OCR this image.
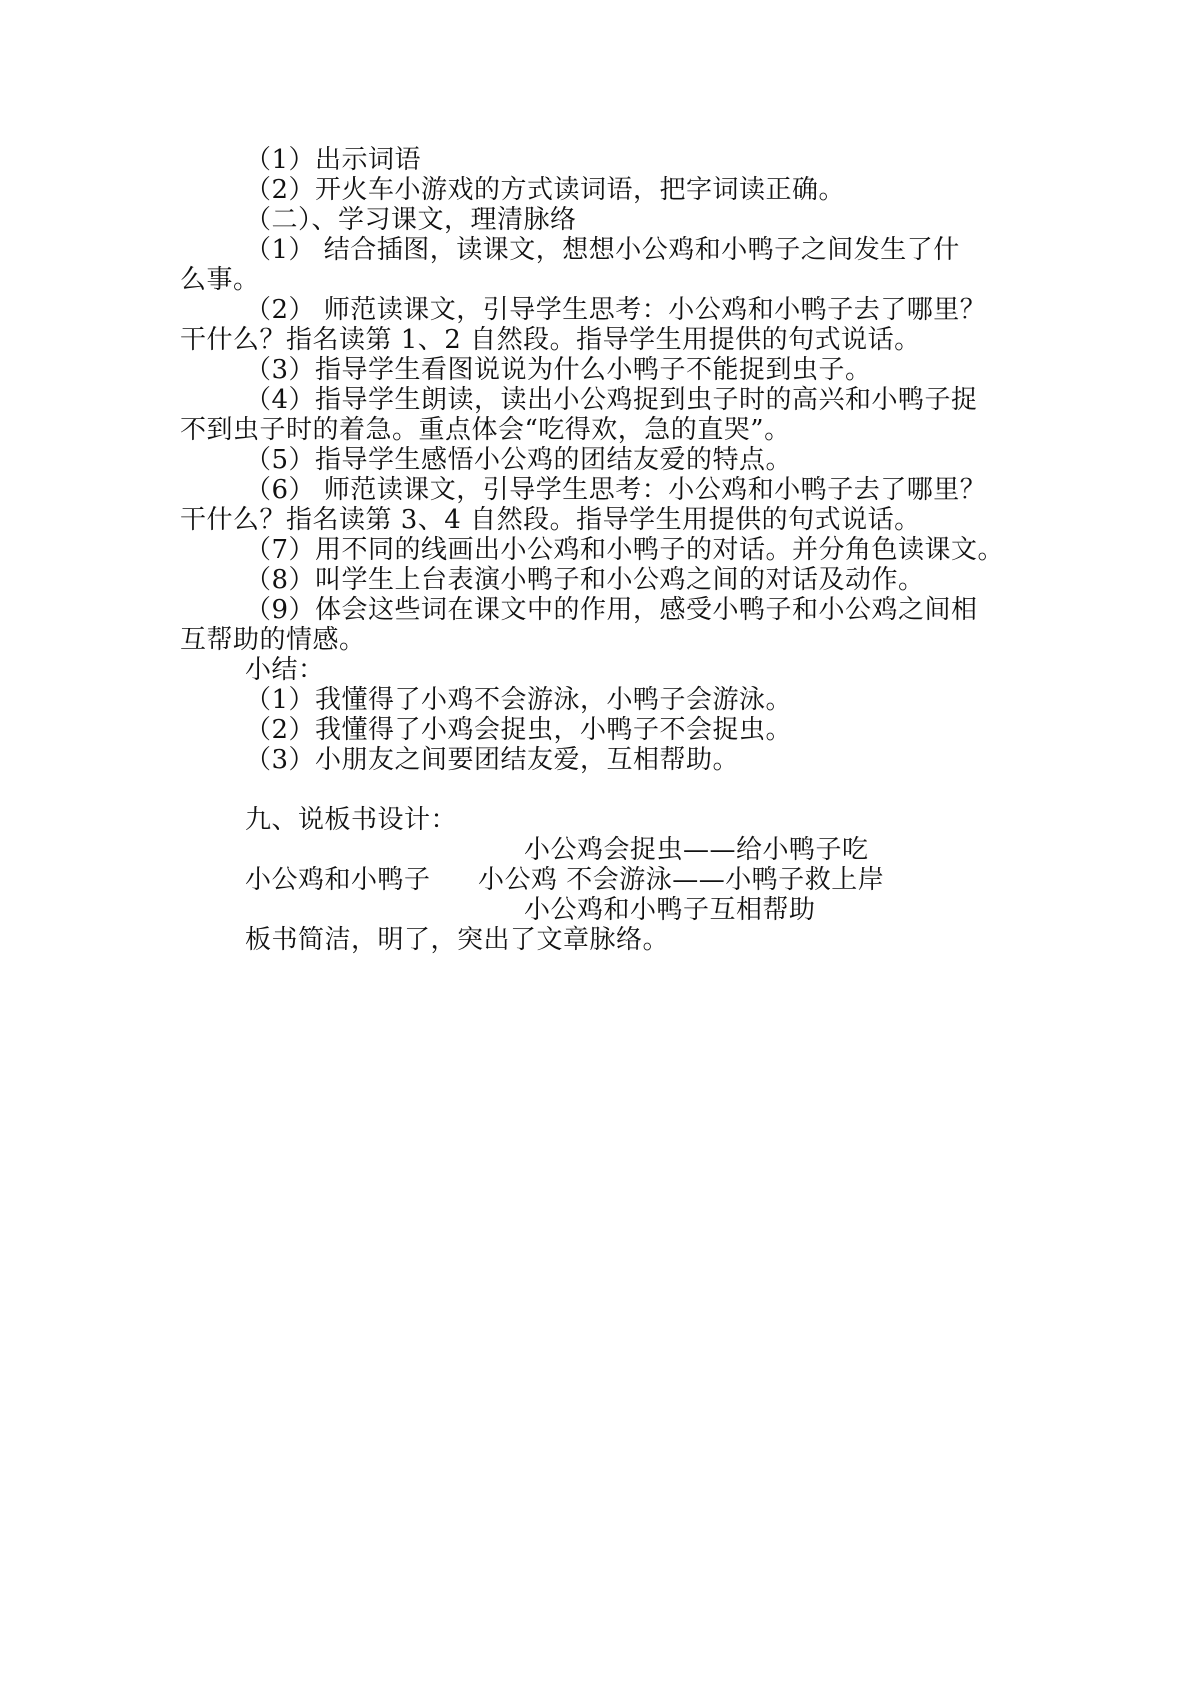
（1）出示词语
（2）开火车小游戏的方式读词语，把字词读正确。
（二）、学习课文，理清脉络
（1） 结合插图，读课文，想想小公鸡和小鸭子之间发生了什
么事。
（2） 师范读课文，引导学生思考：小公鸡和小鸭子去了哪里？
干什么？指名读第 1、2 自然段。指导学生用提供的句式说话。
（3）指导学生看图说说为什么小鸭子不能捉到虫子。
（4）指导学生朗读，读出小公鸡捉到虫子时的高兴和小鸭子捉
不到虫子时的着急。重点体会“吃得欢，急的直哭”。
（5）指导学生感悟小公鸡的团结友爱的特点。
（6） 师范读课文，引导学生思考：小公鸡和小鸭子去了哪里？
干什么？指名读第 3、4 自然段。指导学生用提供的句式说话。
（7）用不同的线画出小公鸡和小鸭子的对话。并分角色读课文。
（8）叫学生上台表演小鸭子和小公鸡之间的对话及动作。
（9）体会这些词在课文中的作用，感受小鸭子和小公鸡之间相
互帮助的情感。
小结：
（1）我懂得了小鸡不会游泳，小鸭子会游泳。
（2）我懂得了小鸡会捉虫，小鸭子不会捉虫。
（3）小朋友之间要团结友爱，互相帮助。
九、说板书设计：
小公鸡会捉虫——给小鸭子吃
小公鸡和小鸭子 小公鸡 不会游泳——小鸭子救上岸
小公鸡和小鸭子互相帮助
板书简洁，明了，突出了文章脉络。
